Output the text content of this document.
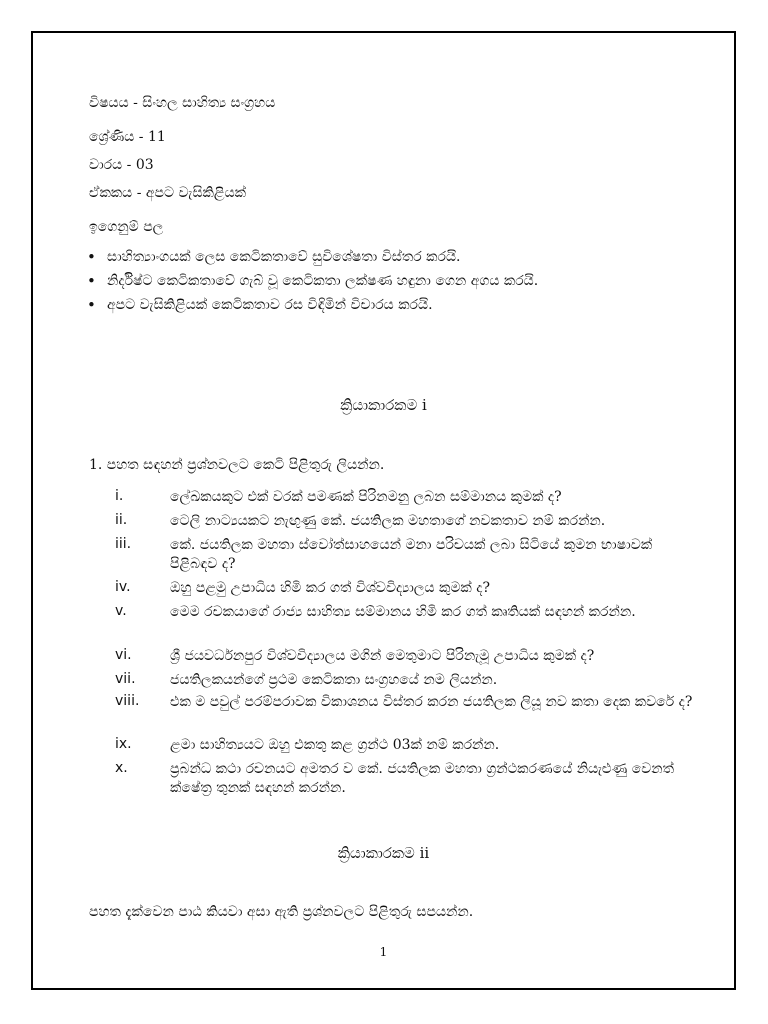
විෂයය - සිංහල සාහිත්‍ය සංග්‍රහය
ශ්‍රේණිය - 11
වාරය - 03
ඒකකය - අපට වැසිකිළියක්
ඉගෙනුම් පල
• සාහිත්‍යාංගයක් ලෙස කෙටිකතාවේ සුවිශේෂතා විස්තර කරයි.
• නිර්දිෂ්ට කෙටිකතාවේ ගැබ් වූ කෙටිකතා ලක්ෂණ හඳුනා ගෙන අගය කරයි.
• අපට වැසිකිළියක් කෙටිකතාව රස විඳිමින් විචාරය කරයි.
ක්‍රියාකාරකම i
1. පහත සඳහන් ප්‍රශ්නවලට කෙටි පිළිතුරු ලියන්න.
i.	ලේඛකයකුට එක් වරක් පමණක් පිරිනමනු ලබන සම්මානය කුමක් ද?
ii.	ටෙලි නාට්‍යයකට නැඟුණු කේ. ජයතිලක මහතාගේ නවකතාව නම් කරන්න.
iii.	කේ. ජයතිලක මහතා ස්වෝත්සාහයෙන් මනා පරිචයක් ලබා සිටියේ කුමන භාෂාවක් පිළිබඳව ද?
iv.	ඔහු පළමු උපාධිය හිමි කර ගත් විශ්වවිද්‍යාලය කුමක් ද?
v.	මෙම රචකයාගේ රාජ්‍ය සාහිත්‍ය සම්මානය හිමි කර ගත් කෘතියක් සඳහන් කරන්න.
vi.	ශ්‍රී ජයවර්ධනපුර විශ්වවිද්‍යාලය මගින් මෙතුමාට පිරිනැමූ උපාධිය කුමක් ද?
vii.	ජයතිලකයන්ගේ ප්‍රථම කෙටිකතා සංග්‍රහයේ නම ලියන්න.
viii.	එක ම පවුල් පරම්පරාවක විකාශනය විස්තර කරන ජයතිලක ලියූ නව කතා දෙක කවරේ ද?
ix.	ළමා සාහිත්‍යයට ඔහු එකතු කළ ග්‍රන්ථ 03ක් නම් කරන්න.
x.	ප්‍රබන්ධ කථා රචනයට අමතර ව කේ. ජයතිලක මහතා ග්‍රන්ථකරණයේ නියැළුණු වෙනත් ක්ෂේත්‍ර තුනක් සඳහන් කරන්න.
ක්‍රියාකාරකම ii
පහත දැක්වෙන පාඨ කියවා අසා ඇති ප්‍රශ්නවලට පිළිතුරු සපයන්න.
1
